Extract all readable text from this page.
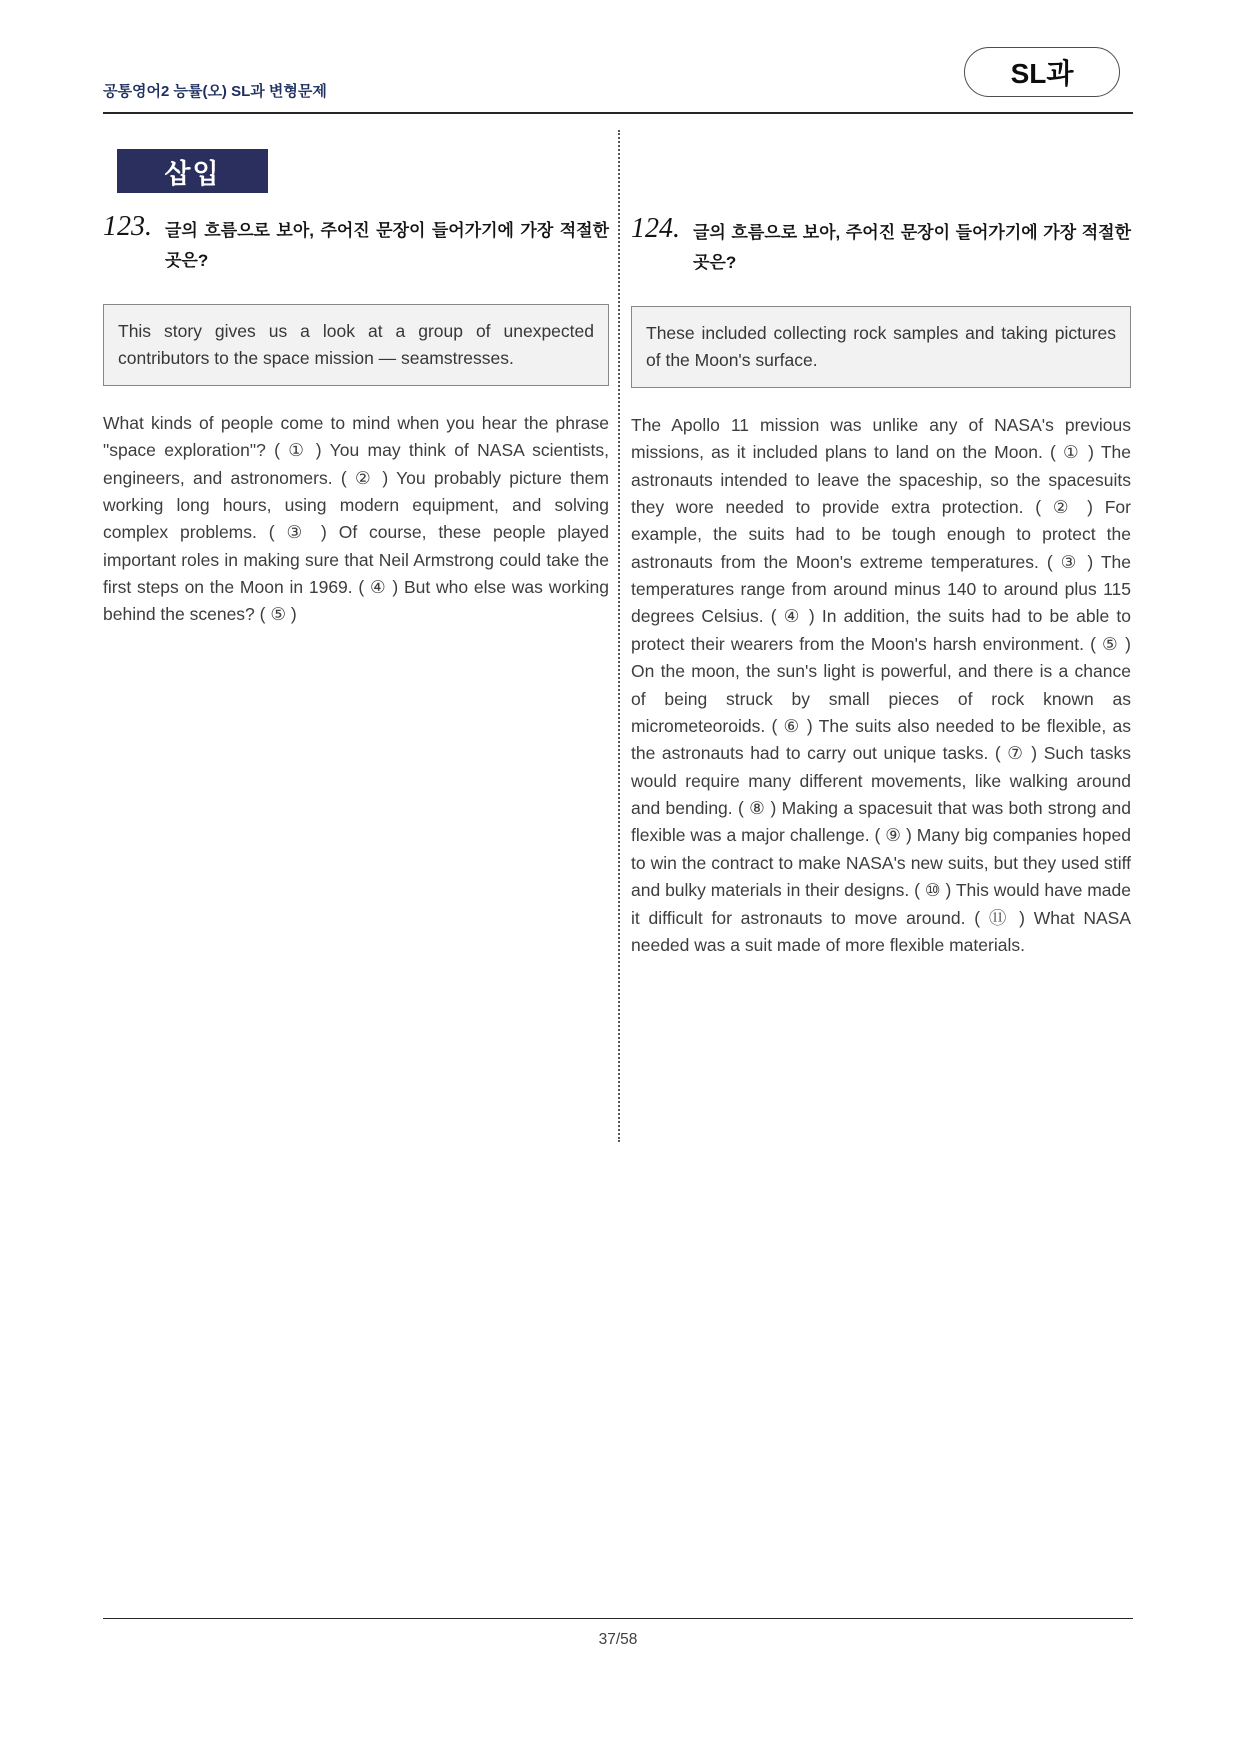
공통영어2 능률(오) SL과 변형문제
SL과
삽입
123. 글의 흐름으로 보아, 주어진 문장이 들어가기에 가장 적절한 곳은?
This story gives us a look at a group of unexpected contributors to the space mission — seamstresses.

What kinds of people come to mind when you hear the phrase "space exploration"? ( ① ) You may think of NASA scientists, engineers, and astronomers. ( ② ) You probably picture them working long hours, using modern equipment, and solving complex problems. ( ③ ) Of course, these people played important roles in making sure that Neil Armstrong could take the first steps on the Moon in 1969. ( ④ ) But who else was working behind the scenes? ( ⑤ )

124. 글의 흐름으로 보아, 주어진 문장이 들어가기에 가장 적절한 곳은?
These included collecting rock samples and taking pictures of the Moon's surface.

The Apollo 11 mission was unlike any of NASA's previous missions, as it included plans to land on the Moon. ( ① ) The astronauts intended to leave the spaceship, so the spacesuits they wore needed to provide extra protection. ( ② ) For example, the suits had to be tough enough to protect the astronauts from the Moon's extreme temperatures. ( ③ ) The temperatures range from around minus 140 to around plus 115 degrees Celsius. ( ④ ) In addition, the suits had to be able to protect their wearers from the Moon's harsh environment. ( ⑤ ) On the moon, the sun's light is powerful, and there is a chance of being struck by small pieces of rock known as micrometeoroids. ( ⑥ ) The suits also needed to be flexible, as the astronauts had to carry out unique tasks. ( ⑦ ) Such tasks would require many different movements, like walking around and bending. ( ⑧ ) Making a spacesuit that was both strong and flexible was a major challenge. ( ⑨ ) Many big companies hoped to win the contract to make NASA's new suits, but they used stiff and bulky materials in their designs. ( ⑩ ) This would have made it difficult for astronauts to move around. ( ⑪ ) What NASA needed was a suit made of more flexible materials.

37/58
